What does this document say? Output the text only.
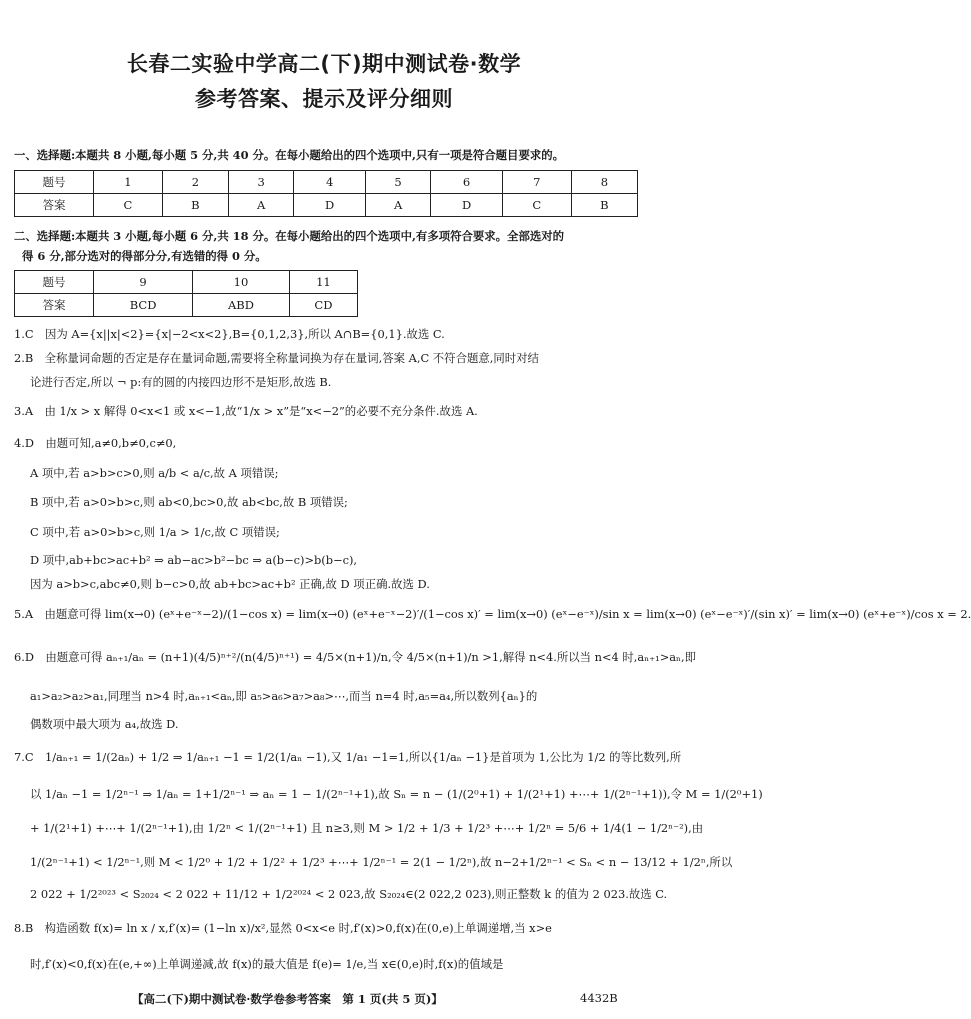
长春二实验中学高二(下)期中测试卷·数学
参考答案、提示及评分细则
一、选择题:本题共 8 小题,每小题 5 分,共 40 分。在每小题给出的四个选项中,只有一项是符合题目要求的。
题号	1	2	3	4	5	6	7	8
答案	C	B	A	D	A	D	C	B
二、选择题:本题共 3 小题,每小题 6 分,共 18 分。在每小题给出的四个选项中,有多项符合要求。全部选对的
得 6 分,部分选对的得部分分,有选错的得 0 分。
题号	9	10	11
答案	BCD	ABD	CD

1.C　因为 A={x||x|<2}={x|−2<x<2},B={0,1,2,3},所以 A∩B={0,1}.故选 C.

2.B　全称量词命题的否定是存在量词命题,需要将全称量词换为存在量词,答案 A,C 不符合题意,同时对结

论进行否定,所以 ¬ p:有的圆的内接四边形不是矩形,故选 B.

3.A　由 1/x > x 解得 0<x<1 或 x<−1,故“1/x > x”是“x<−2”的必要不充分条件.故选 A.

4.D　由题可知,a≠0,b≠0,c≠0,

A 项中,若 a>b>c>0,则 a/b < a/c,故 A 项错误;

B 项中,若 a>0>b>c,则 ab<0,bc>0,故 ab<bc,故 B 项错误;

C 项中,若 a>0>b>c,则 1/a > 1/c,故 C 项错误;

D 项中,ab+bc>ac+b² ⇒ ab−ac>b²−bc ⇒ a(b−c)>b(b−c),

因为 a>b>c,abc≠0,则 b−c>0,故 ab+bc>ac+b² 正确,故 D 项正确.故选 D.

5.A　由题意可得 lim(x→0) (eˣ+e⁻ˣ−2)/(1−cos x) = lim(x→0) (eˣ+e⁻ˣ−2)′/(1−cos x)′ = lim(x→0) (eˣ−e⁻ˣ)/sin x = lim(x→0) (eˣ−e⁻ˣ)′/(sin x)′ = lim(x→0) (eˣ+e⁻ˣ)/cos x = 2.

6.D　由题意可得 aₙ₊₁/aₙ = (n+1)(4/5)ⁿ⁺²/(n(4/5)ⁿ⁺¹) = 4/5×(n+1)/n,令 4/5×(n+1)/n >1,解得 n<4.所以当 n<4 时,aₙ₊₁>aₙ,即

a₁>a₂>a₂>a₁,同理当 n>4 时,aₙ₊₁<aₙ,即 a₅>a₆>a₇>a₈>⋯,而当 n=4 时,a₅=a₄,所以数列{aₙ}的

偶数项中最大项为 a₄,故选 D.

7.C　1/aₙ₊₁ = 1/(2aₙ) + 1/2 ⇒ 1/aₙ₊₁ −1 = 1/2(1/aₙ −1),又 1/a₁ −1=1,所以{1/aₙ −1}是首项为 1,公比为 1/2 的等比数列,所

以 1/aₙ −1 = 1/2ⁿ⁻¹ ⇒ 1/aₙ = 1+1/2ⁿ⁻¹ ⇒ aₙ = 1 − 1/(2ⁿ⁻¹+1),故 Sₙ = n − (1/(2⁰+1) + 1/(2¹+1) +⋯+ 1/(2ⁿ⁻¹+1)),令 M = 1/(2⁰+1)

+ 1/(2¹+1) +⋯+ 1/(2ⁿ⁻¹+1),由 1/2ⁿ < 1/(2ⁿ⁻¹+1) 且 n≥3,则 M > 1/2 + 1/3 + 1/2³ +⋯+ 1/2ⁿ = 5/6 + 1/4(1 − 1/2ⁿ⁻²),由

1/(2ⁿ⁻¹+1) < 1/2ⁿ⁻¹,则 M < 1/2⁰ + 1/2 + 1/2² + 1/2³ +⋯+ 1/2ⁿ⁻¹ = 2(1 − 1/2ⁿ),故 n−2+1/2ⁿ⁻¹ < Sₙ < n − 13/12 + 1/2ⁿ,所以

2 022 + 1/2²⁰²³ < S₂₀₂₄ < 2 022 + 11/12 + 1/2²⁰²⁴ < 2 023,故 S₂₀₂₄∈(2 022,2 023),则正整数 k 的值为 2 023.故选 C.

8.B　构造函数 f(x)= ln x / x,f′(x)= (1−ln x)/x²,显然 0<x<e 时,f′(x)>0,f(x)在(0,e)上单调递增,当 x>e

时,f′(x)<0,f(x)在(e,+∞)上单调递减,故 f(x)的最大值是 f(e)= 1/e,当 x∈(0,e)时,f(x)的值域是

【高二(下)期中测试卷·数学卷参考答案　第 1 页(共 5 页)】	4432B
